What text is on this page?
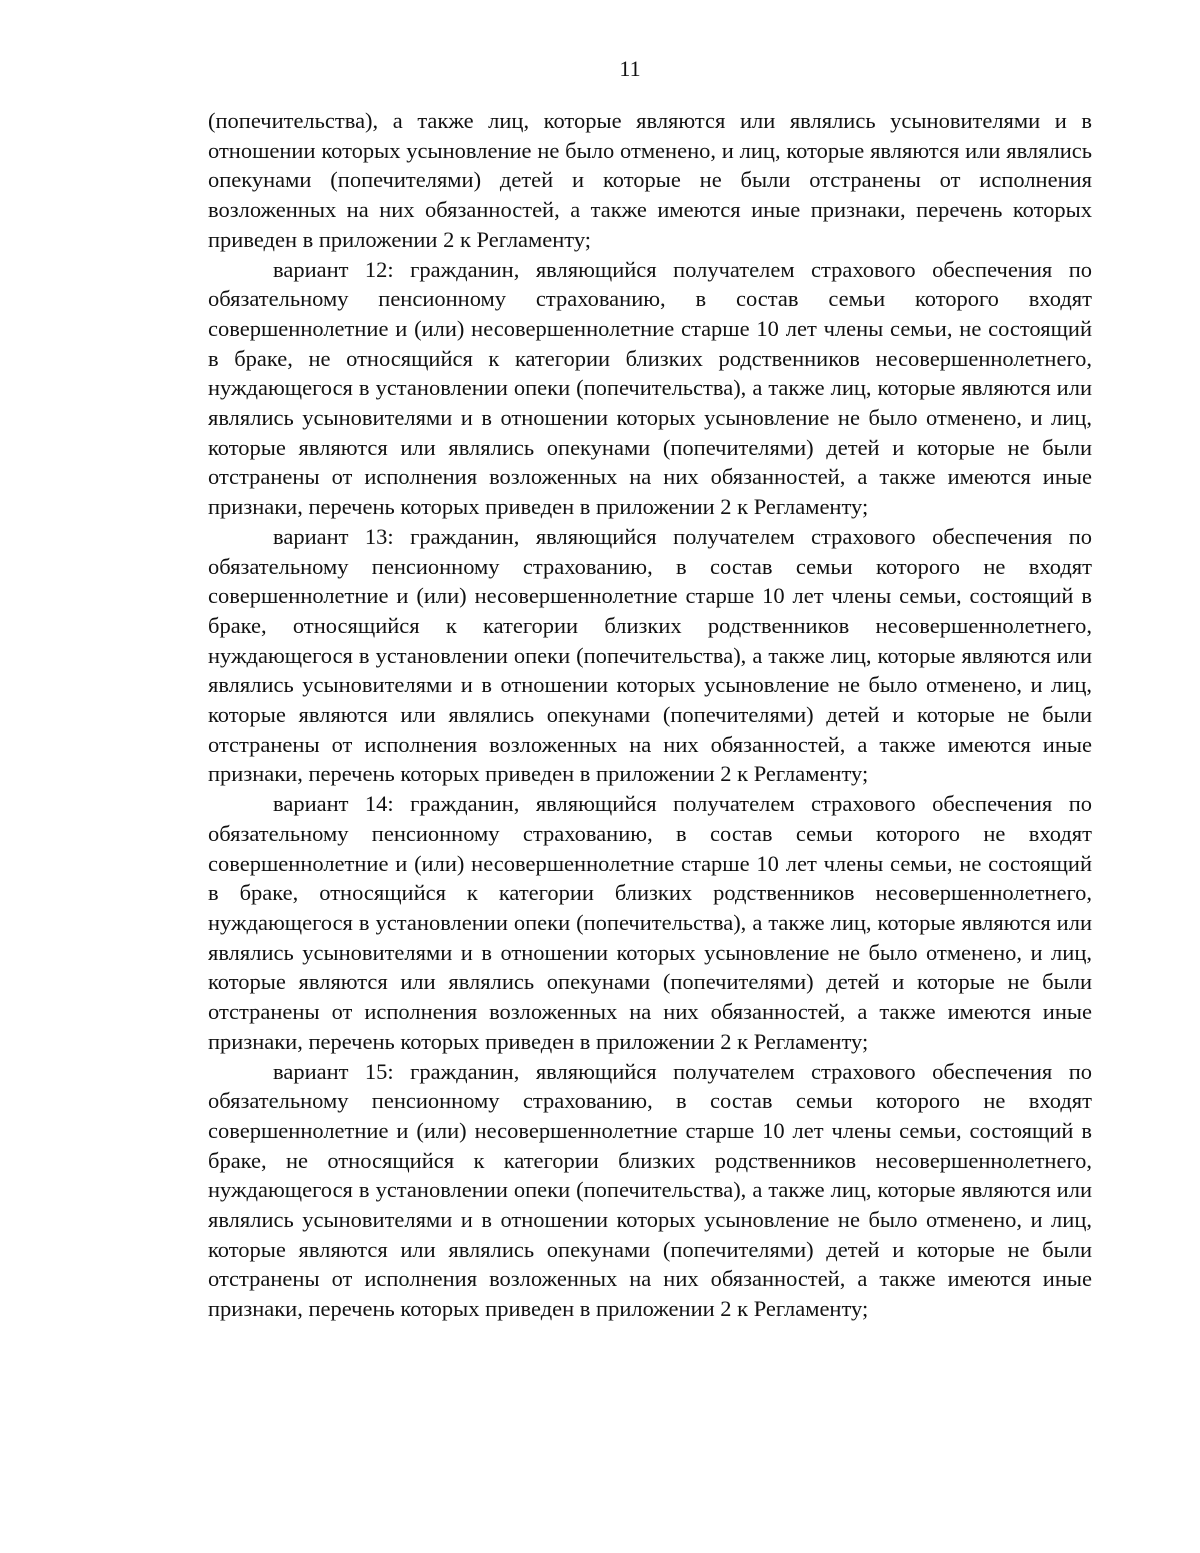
11

(попечительства), а также лиц, которые являются или являлись усыновителями и в отношении которых усыновление не было отменено, и лиц, которые являются или являлись опекунами (попечителями) детей и которые не были отстранены от исполнения возложенных на них обязанностей, а также имеются иные признаки, перечень которых приведен в приложении 2 к Регламенту;

вариант 12: гражданин, являющийся получателем страхового обеспечения по обязательному пенсионному страхованию, в состав семьи которого входят совершеннолетние и (или) несовершеннолетние старше 10 лет члены семьи, не состоящий в браке, не относящийся к категории близких родственников несовершеннолетнего, нуждающегося в установлении опеки (попечительства), а также лиц, которые являются или являлись усыновителями и в отношении которых усыновление не было отменено, и лиц, которые являются или являлись опекунами (попечителями) детей и которые не были отстранены от исполнения возложенных на них обязанностей, а также имеются иные признаки, перечень которых приведен в приложении 2 к Регламенту;

вариант 13: гражданин, являющийся получателем страхового обеспечения по обязательному пенсионному страхованию, в состав семьи которого не входят совершеннолетние и (или) несовершеннолетние старше 10 лет члены семьи, состоящий в браке, относящийся к категории близких родственников несовершеннолетнего, нуждающегося в установлении опеки (попечительства), а также лиц, которые являются или являлись усыновителями и в отношении которых усыновление не было отменено, и лиц, которые являются или являлись опекунами (попечителями) детей и которые не были отстранены от исполнения возложенных на них обязанностей, а также имеются иные признаки, перечень которых приведен в приложении 2 к Регламенту;

вариант 14: гражданин, являющийся получателем страхового обеспечения по обязательному пенсионному страхованию, в состав семьи которого не входят совершеннолетние и (или) несовершеннолетние старше 10 лет члены семьи, не состоящий в браке, относящийся к категории близких родственников несовершеннолетнего, нуждающегося в установлении опеки (попечительства), а также лиц, которые являются или являлись усыновителями и в отношении которых усыновление не было отменено, и лиц, которые являются или являлись опекунами (попечителями) детей и которые не были отстранены от исполнения возложенных на них обязанностей, а также имеются иные признаки, перечень которых приведен в приложении 2 к Регламенту;

вариант 15: гражданин, являющийся получателем страхового обеспечения по обязательному пенсионному страхованию, в состав семьи которого не входят совершеннолетние и (или) несовершеннолетние старше 10 лет члены семьи, состоящий в браке, не относящийся к категории близких родственников несовершеннолетнего, нуждающегося в установлении опеки (попечительства), а также лиц, которые являются или являлись усыновителями и в отношении которых усыновление не было отменено, и лиц, которые являются или являлись опекунами (попечителями) детей и которые не были отстранены от исполнения возложенных на них обязанностей, а также имеются иные признаки, перечень которых приведен в приложении 2 к Регламенту;
